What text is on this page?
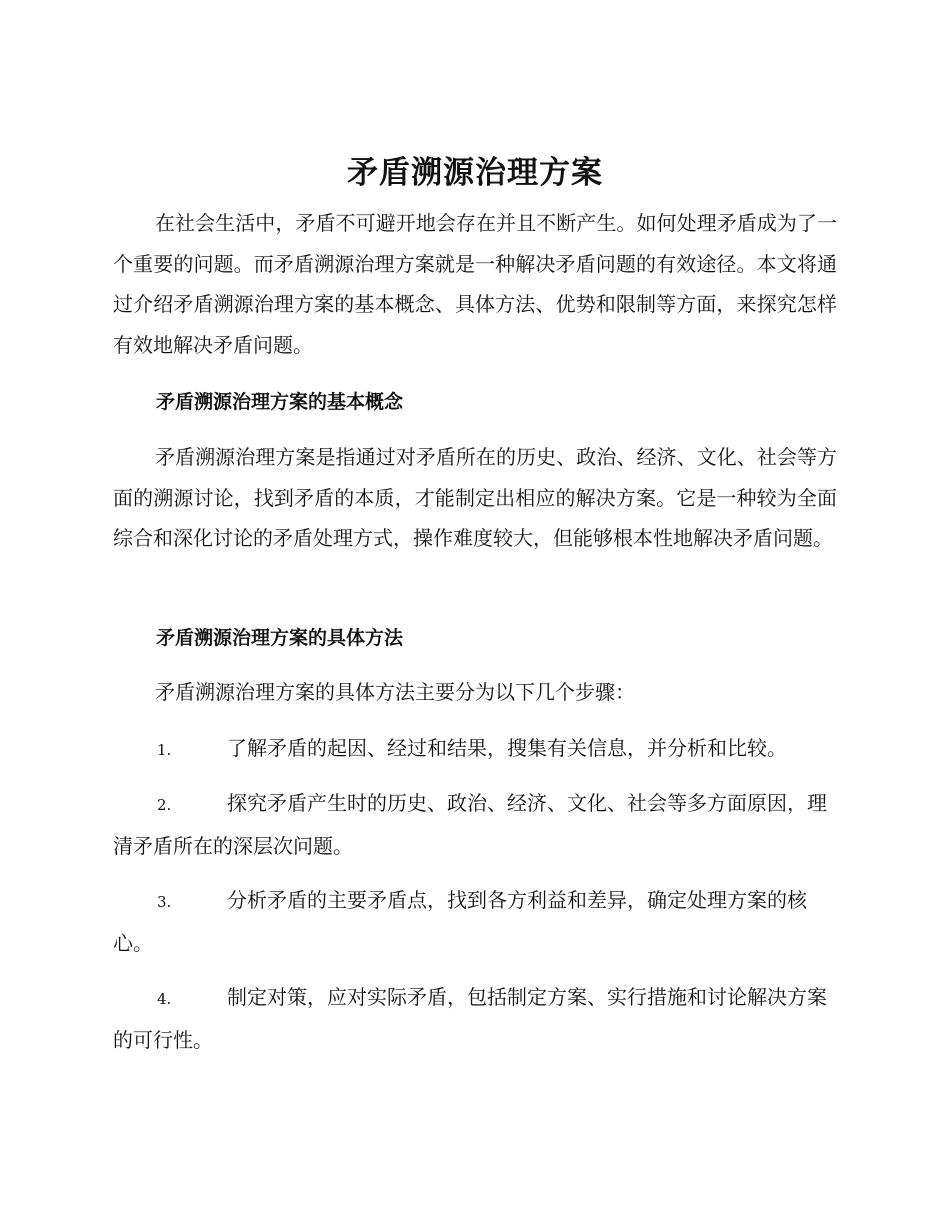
矛盾溯源治理方案

在社会生活中，矛盾不可避开地会存在并且不断产生。如何处理矛盾成为了一个重要的问题。而矛盾溯源治理方案就是一种解决矛盾问题的有效途径。本文将通过介绍矛盾溯源治理方案的基本概念、具体方法、优势和限制等方面，来探究怎样有效地解决矛盾问题。

矛盾溯源治理方案的基本概念

矛盾溯源治理方案是指通过对矛盾所在的历史、政治、经济、文化、社会等方面的溯源讨论，找到矛盾的本质，才能制定出相应的解决方案。它是一种较为全面综合和深化讨论的矛盾处理方式，操作难度较大，但能够根本性地解决矛盾问题。

矛盾溯源治理方案的具体方法

矛盾溯源治理方案的具体方法主要分为以下几个步骤：

1.	了解矛盾的起因、经过和结果，搜集有关信息，并分析和比较。

2.	探究矛盾产生时的历史、政治、经济、文化、社会等多方面原因，理清矛盾所在的深层次问题。

3.	分析矛盾的主要矛盾点，找到各方利益和差异，确定处理方案的核心。

4.	制定对策，应对实际矛盾，包括制定方案、实行措施和讨论解决方案的可行性。
